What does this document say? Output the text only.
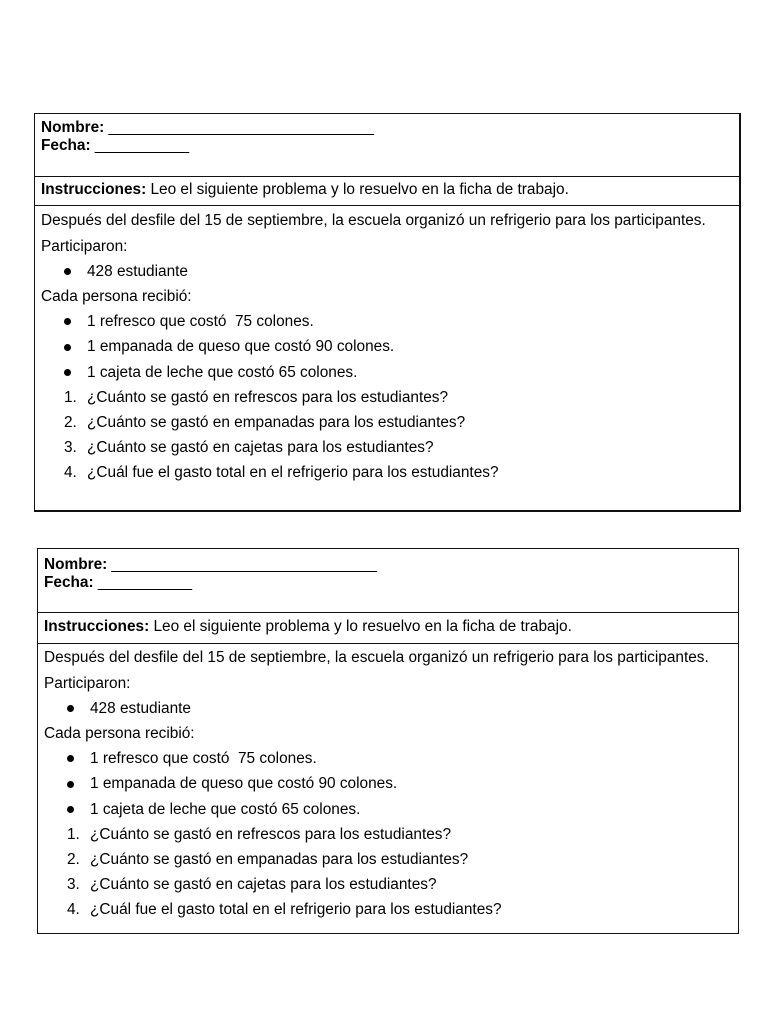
Nombre: _______________________________
Fecha: ___________
Instrucciones: Leo el siguiente problema y lo resuelvo en la ficha de trabajo.
Después del desfile del 15 de septiembre, la escuela organizó un refrigerio para los participantes.
Participaron:
428 estudiante
Cada persona recibió:
1 refresco que costó  75 colones.
1 empanada de queso que costó 90 colones.
1 cajeta de leche que costó 65 colones.
1. ¿Cuánto se gastó en refrescos para los estudiantes?
2. ¿Cuánto se gastó en empanadas para los estudiantes?
3. ¿Cuánto se gastó en cajetas para los estudiantes?
4. ¿Cuál fue el gasto total en el refrigerio para los estudiantes?
Nombre: _______________________________
Fecha: ___________
Instrucciones: Leo el siguiente problema y lo resuelvo en la ficha de trabajo.
Después del desfile del 15 de septiembre, la escuela organizó un refrigerio para los participantes.
Participaron:
428 estudiante
Cada persona recibió:
1 refresco que costó  75 colones.
1 empanada de queso que costó 90 colones.
1 cajeta de leche que costó 65 colones.
1. ¿Cuánto se gastó en refrescos para los estudiantes?
2. ¿Cuánto se gastó en empanadas para los estudiantes?
3. ¿Cuánto se gastó en cajetas para los estudiantes?
4. ¿Cuál fue el gasto total en el refrigerio para los estudiantes?
